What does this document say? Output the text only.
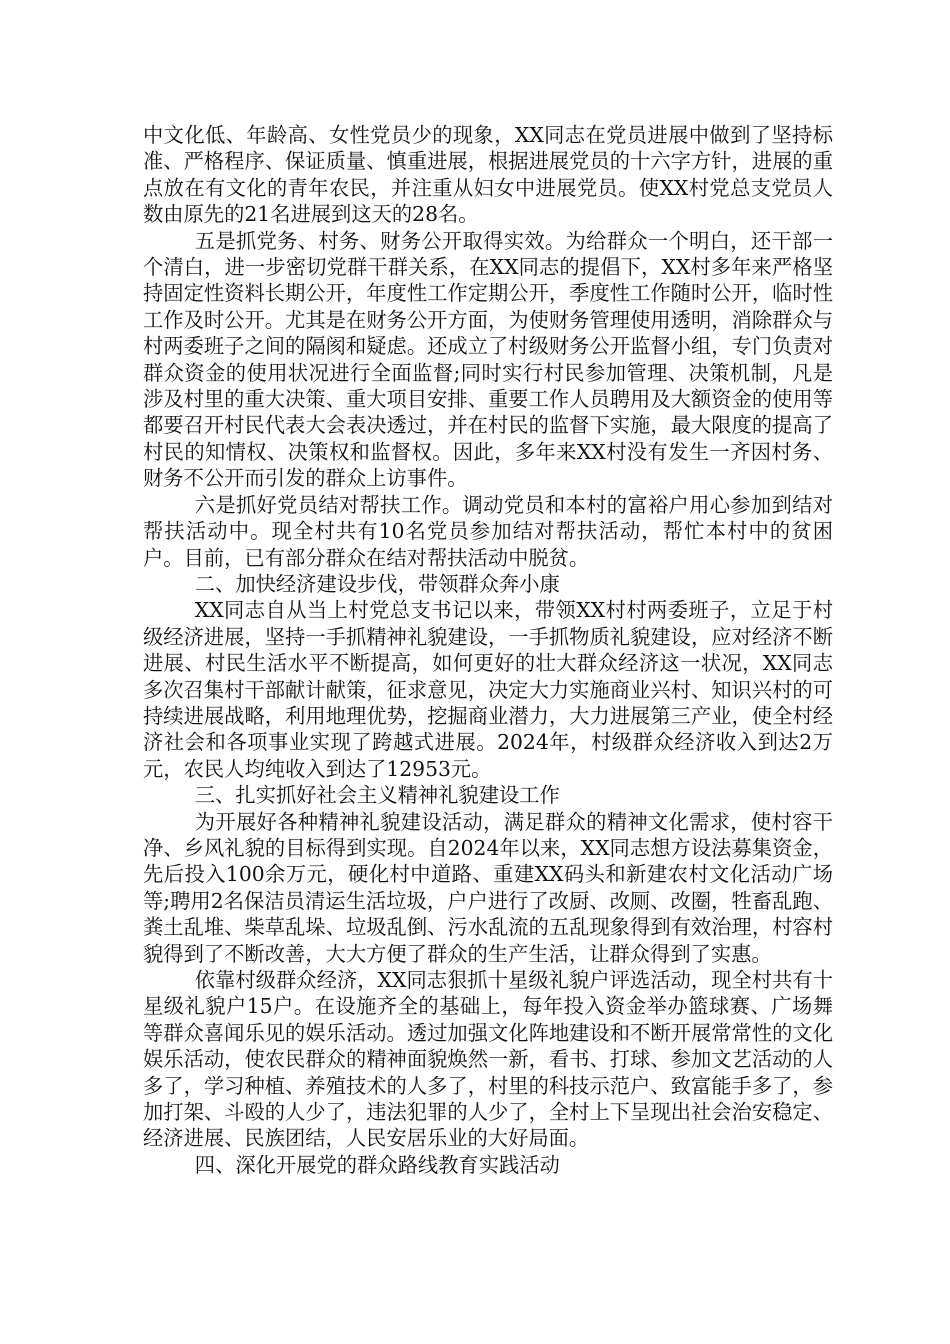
中文化低、年龄高、女性党员少的现象，XX同志在党员进展中做到了坚持标准、严格程序、保证质量、慎重进展，根据进展党员的十六字方针，进展的重点放在有文化的青年农民，并注重从妇女中进展党员。使XX村党总支党员人数由原先的21名进展到这天的28名。

五是抓党务、村务、财务公开取得实效。为给群众一个明白，还干部一个清白，进一步密切党群干群关系，在XX同志的提倡下，XX村多年来严格坚持固定性资料长期公开，年度性工作定期公开，季度性工作随时公开，临时性工作及时公开。尤其是在财务公开方面，为使财务管理使用透明，消除群众与村两委班子之间的隔阂和疑虑。还成立了村级财务公开监督小组，专门负责对群众资金的使用状况进行全面监督;同时实行村民参加管理、决策机制，凡是涉及村里的重大决策、重大项目安排、重要工作人员聘用及大额资金的使用等都要召开村民代表大会表决透过，并在村民的监督下实施，最大限度的提高了村民的知情权、决策权和监督权。因此，多年来XX村没有发生一齐因村务、财务不公开而引发的群众上访事件。

六是抓好党员结对帮扶工作。调动党员和本村的富裕户用心参加到结对帮扶活动中。现全村共有10名党员参加结对帮扶活动，帮忙本村中的贫困户。目前，已有部分群众在结对帮扶活动中脱贫。

二、加快经济建设步伐，带领群众奔小康

XX同志自从当上村党总支书记以来，带领XX村村两委班子，立足于村级经济进展，坚持一手抓精神礼貌建设，一手抓物质礼貌建设，应对经济不断进展、村民生活水平不断提高，如何更好的壮大群众经济这一状况，XX同志多次召集村干部献计献策，征求意见，决定大力实施商业兴村、知识兴村的可持续进展战略，利用地理优势，挖掘商业潜力，大力进展第三产业，使全村经济社会和各项事业实现了跨越式进展。2024年，村级群众经济收入到达2万元，农民人均纯收入到达了12953元。

三、扎实抓好社会主义精神礼貌建设工作

为开展好各种精神礼貌建设活动，满足群众的精神文化需求，使村容干净、乡风礼貌的目标得到实现。自2024年以来，XX同志想方设法募集资金，先后投入100余万元，硬化村中道路、重建XX码头和新建农村文化活动广场等;聘用2名保洁员清运生活垃圾，户户进行了改厨、改厕、改圈，牲畜乱跑、粪土乱堆、柴草乱垛、垃圾乱倒、污水乱流的五乱现象得到有效治理，村容村貌得到了不断改善，大大方便了群众的生产生活，让群众得到了实惠。

依靠村级群众经济，XX同志狠抓十星级礼貌户评选活动，现全村共有十星级礼貌户15户。在设施齐全的基础上，每年投入资金举办篮球赛、广场舞等群众喜闻乐见的娱乐活动。透过加强文化阵地建设和不断开展常常性的文化娱乐活动，使农民群众的精神面貌焕然一新，看书、打球、参加文艺活动的人多了，学习种植、养殖技术的人多了，村里的科技示范户、致富能手多了，参加打架、斗殴的人少了，违法犯罪的人少了，全村上下呈现出社会治安稳定、经济进展、民族团结，人民安居乐业的大好局面。

四、深化开展党的群众路线教育实践活动
